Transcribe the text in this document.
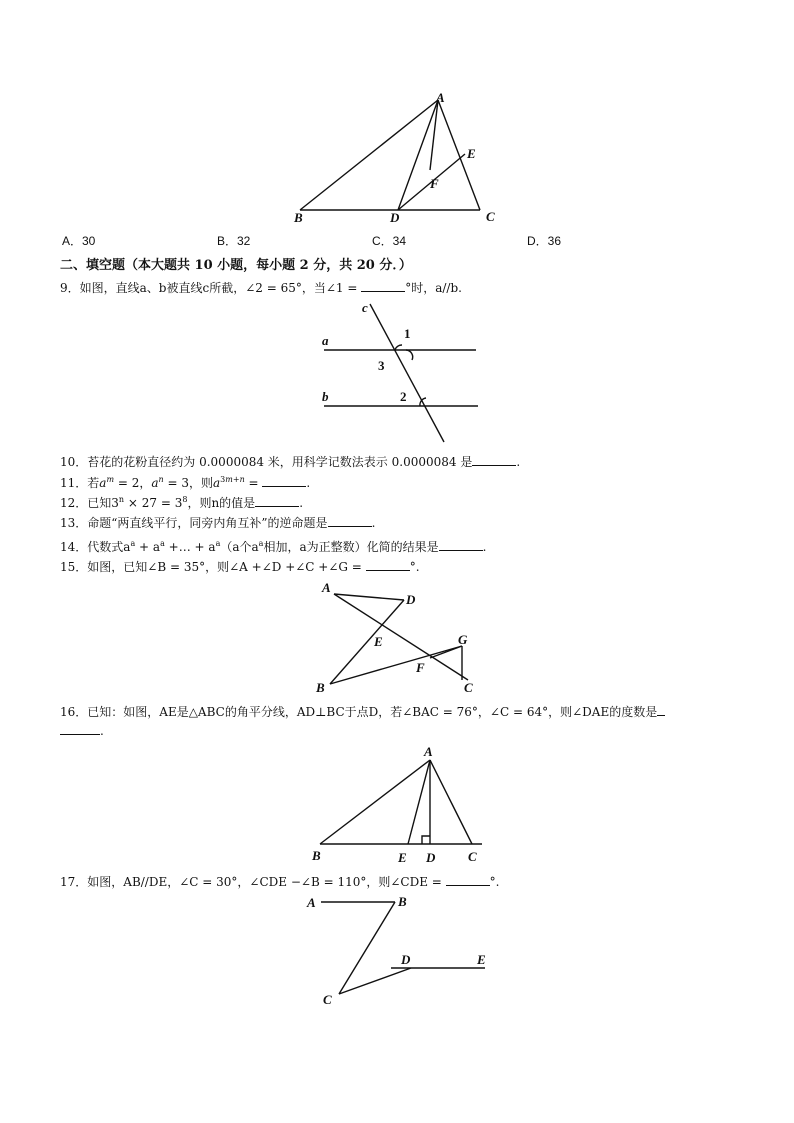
A
B	C
D
E
F
A．30	B．32	C．34	D．36
二、填空题（本大题共 10 小题，每小题 2 分，共 20 分．）
9．如图，直线a、b被直线c所截，∠2 = 65°，当∠1 =	°时，a//b.
c
a
b
1
3
2
10．苔花的花粉直径约为 0.0000084 米，用科学记数法表示 0.0000084 是	.
11．若$a^m = 2$，$a^n = 3$，则$a^{3m+n}$ =	.
12．已知$3^n \times 27 = 3^8$，则n的值是	.
13．命题“两直线平行，同旁内角互补”的逆命题是	.
14．代数式$a^a + a^a$ +… + $a^a(a$个$a^a$相加，a为正整数）化简的结果是	.
15．如图，已知∠B = 35°，则∠A +∠D +∠C +∠G =	°.
A
D
E	G
F
B	C
16．已知：如图，AE是△ABC的角平分线，AD⊥BC于点D，若∠BAC = 76°，∠C = 64°，则∠DAE的度数是
.
A
B	E D	C
17．如图，AB//DE，∠C = 30°，∠CDE −∠B = 110°，则∠CDE =	°.
A	B
D	E
C
